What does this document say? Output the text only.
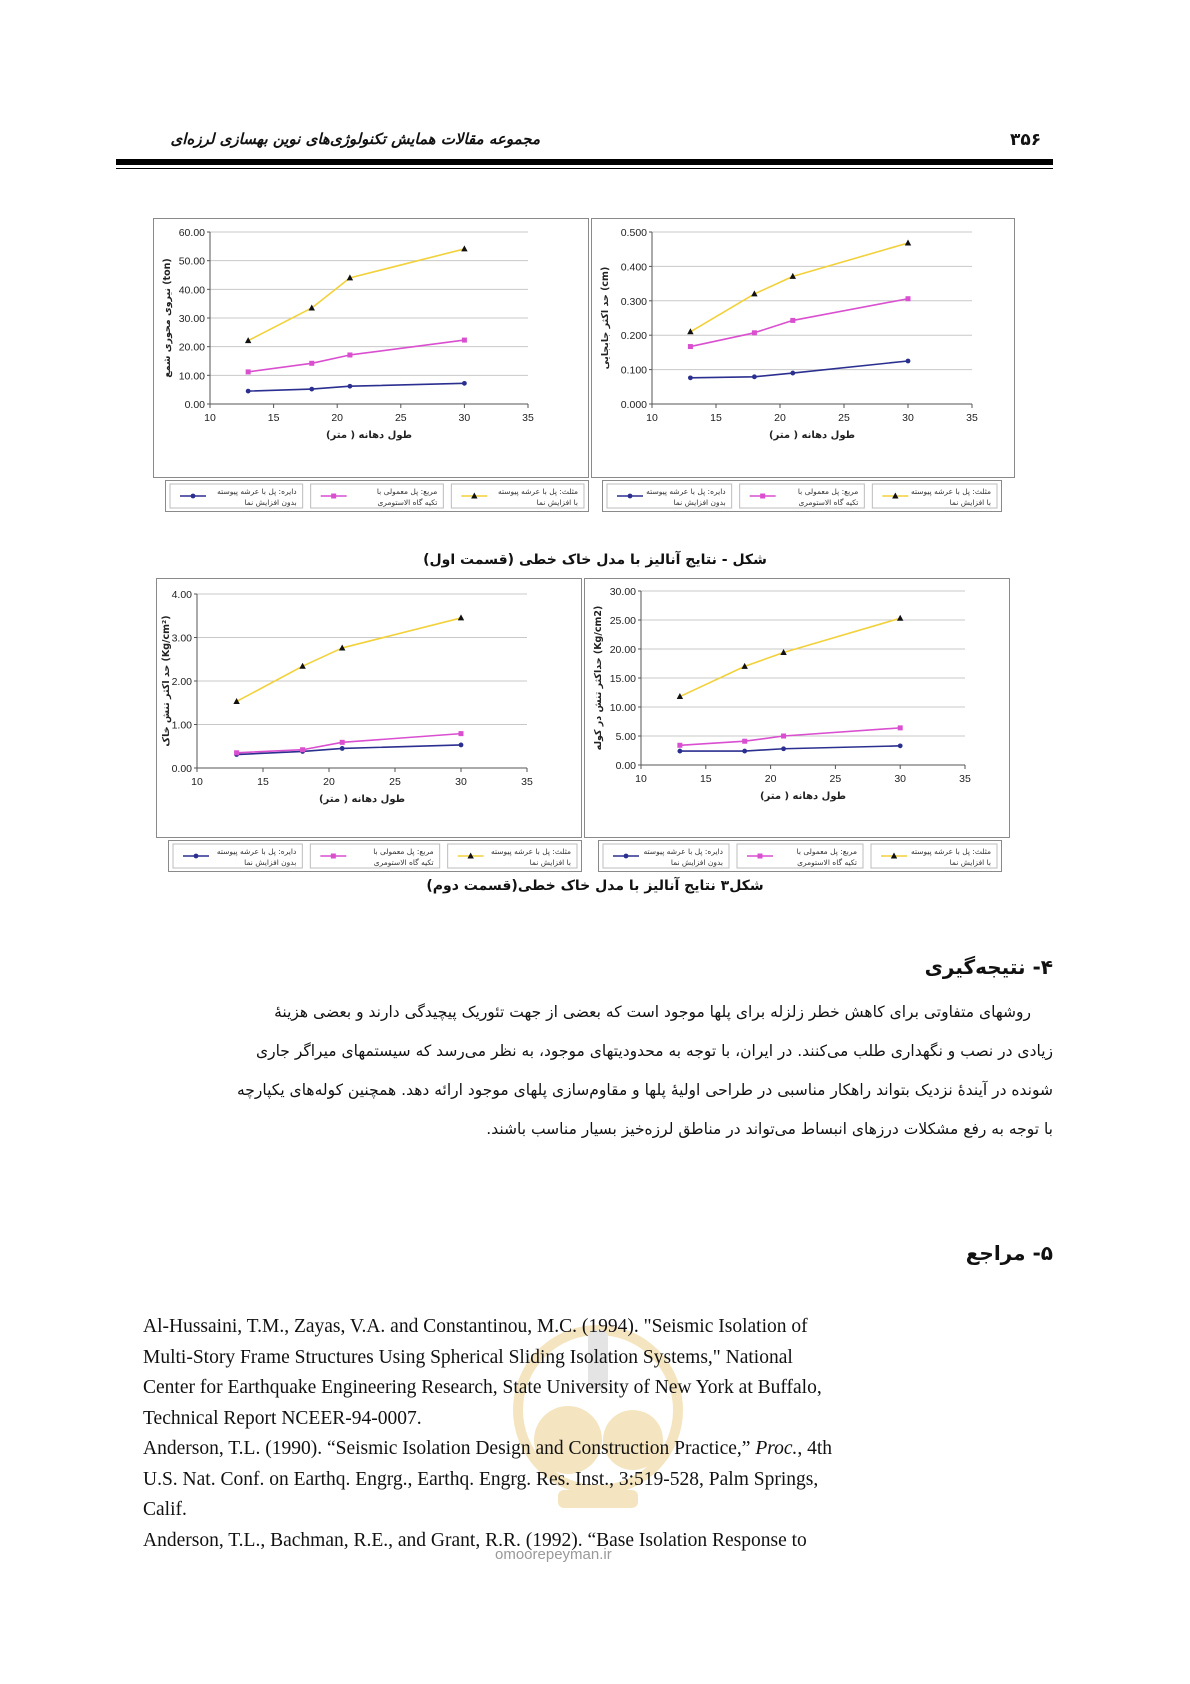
مجموعه مقالات همایش تکنولوژی‌های نوین بهسازی لرزه‌ای	۳۵۶
0.00
10.00
20.00
30.00
40.00
50.00
60.00
10	15	20	25	30	35
طول دهانه ( متر)
نیروی محوری شمع (ton)
0.000
0.100
0.200
0.300
0.400
0.500
10	15	20	25	30	35
طول دهانه ( متر)
حد اکثر جابجایی (cm)
مثلث: پل با عرشه پیوسته
با افزایش نما
مربع: پل معمولی با
تکیه گاه الاستومری
دایره: پل با عرشه پیوسته
بدون افزایش نما
مثلث: پل با عرشه پیوسته
با افزایش نما
مربع: پل معمولی با
تکیه گاه الاستومری
دایره: پل با عرشه پیوسته
بدون افزایش نما
شکل - نتایج آنالیز با مدل خاک خطی (قسمت اول)
0.00
1.00
2.00
3.00
4.00
10	15	20	25	30	35
طول دهانه ( متر)
حد اکثر تنش خاک (Kg/cm²)
0.00
5.00
10.00
15.00
20.00
25.00
30.00
10	15	20	25	30	35
طول دهانه ( متر)
حداکثر تنش در کوله (Kg/cm2)
مثلث: پل با عرشه پیوسته
با افزایش نما
مربع: پل معمولی با
تکیه گاه الاستومری
دایره: پل با عرشه پیوسته
بدون افزایش نما
مثلث: پل با عرشه پیوسته
با افزایش نما
مربع: پل معمولی با
تکیه گاه الاستومری
دایره: پل با عرشه پیوسته
بدون افزایش نما
شکل۳ نتایج آنالیز با مدل خاک خطی(قسمت دوم)
۴- نتیجه‌گیری
روشهای متفاوتی برای کاهش خطر زلزله برای پلها موجود است که بعضی از جهت تئوریک پیچیدگی دارند و بعضی هزینهٔ
زیادی در نصب و نگهداری طلب می‌کنند. در ایران، با توجه به محدودیتهای موجود، به نظر می‌رسد که سیستمهای میراگر جاری
شونده در آیندهٔ نزدیک بتواند راهکار مناسبی در طراحی اولیهٔ پلها و مقاوم‌سازی پلهای موجود ارائه دهد. همچنین کوله‌های یکپارچه
با توجه به رفع مشکلات درزهای انبساط می‌تواند در مناطق لرزه‌خیز بسیار مناسب باشند.
۵- مراجع
omoorepeyman.ir
Al-Hussaini, T.M., Zayas, V.A. and Constantinou, M.C. (1994). "Seismic Isolation of
Multi-Story Frame Structures Using Spherical Sliding Isolation Systems," National
Center for Earthquake Engineering Research, State University of New York at Buffalo,
Technical Report NCEER-94-0007.
Anderson, T.L. (1990). “Seismic Isolation Design and Construction Practice,” Proc., 4th
U.S. Nat. Conf. on Earthq. Engrg., Earthq. Engrg. Res. Inst., 3:519-528, Palm Springs,
Calif.
Anderson, T.L., Bachman, R.E., and Grant, R.R. (1992). “Base Isolation Response to
